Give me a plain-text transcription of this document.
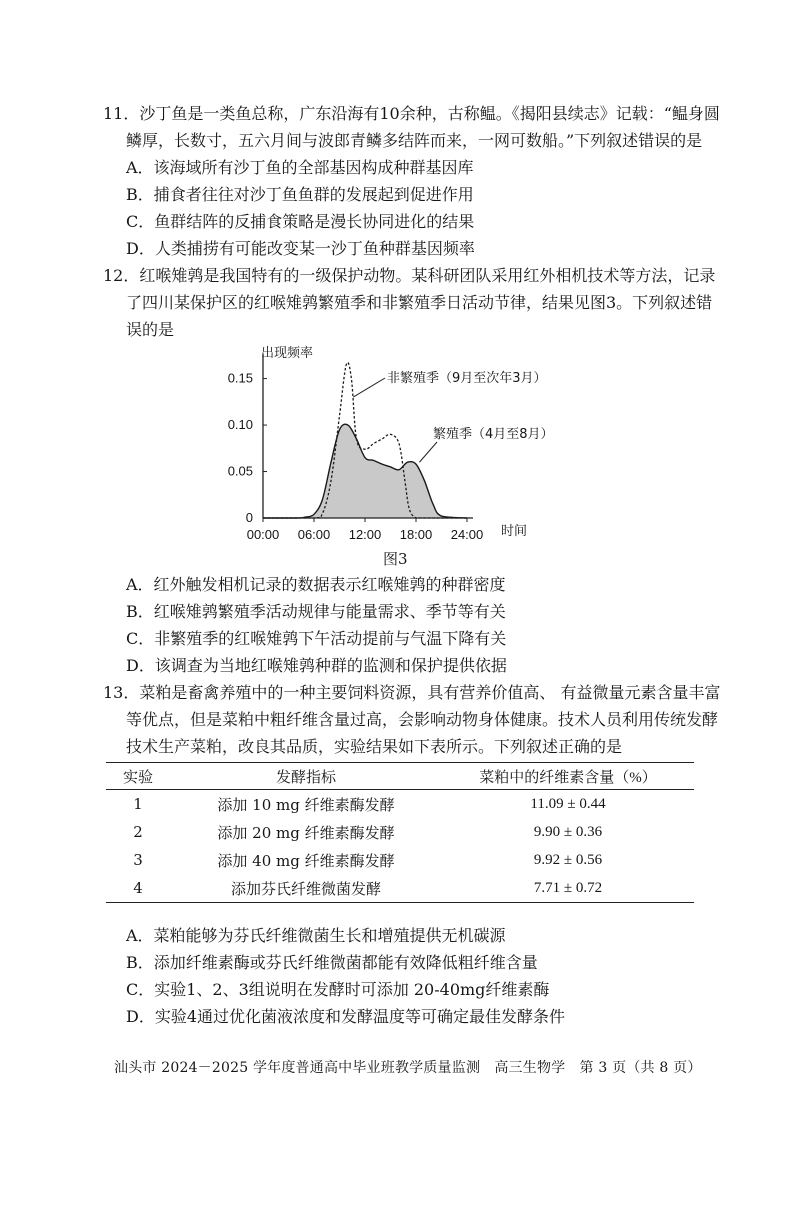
11．沙丁鱼是一类鱼总称，广东沿海有10余种，古称鳁。《揭阳县续志》记载：“鳁身圆
鳞厚，长数寸，五六月间与波郎青鳞多结阵而来，一网可数船。”下列叙述错误的是
A．该海域所有沙丁鱼的全部基因构成种群基因库
B．捕食者往往对沙丁鱼鱼群的发展起到促进作用
C．鱼群结阵的反捕食策略是漫长协同进化的结果
D．人类捕捞有可能改变某一沙丁鱼种群基因频率
12．红喉雉鹑是我国特有的一级保护动物。某科研团队采用红外相机技术等方法，记录
了四川某保护区的红喉雉鹑繁殖季和非繁殖季日活动节律，结果见图3。下列叙述错
误的是
0
0.05
0.10
0.15
00:00 06:00 12:00 18:00 24:00
出现频率
时间
非繁殖季（9月至次年3月）
繁殖季（4月至8月）
图3
A．红外触发相机记录的数据表示红喉雉鹑的种群密度
B．红喉雉鹑繁殖季活动规律与能量需求、季节等有关
C．非繁殖季的红喉雉鹑下午活动提前与气温下降有关
D．该调查为当地红喉雉鹑种群的监测和保护提供依据
13．菜粕是畜禽养殖中的一种主要饲料资源，具有营养价值高、 有益微量元素含量丰富
等优点，但是菜粕中粗纤维含量过高，会影响动物身体健康。技术人员利用传统发酵
技术生产菜粕，改良其品质，实验结果如下表所示。下列叙述正确的是
实验	发酵指标	菜粕中的纤维素含量（%）
1	添加 10 mg 纤维素酶发酵	11.09 ± 0.44
2	添加 20 mg 纤维素酶发酵	9.90 ± 0.36
3	添加 40 mg 纤维素酶发酵	9.92 ± 0.56
4	添加芬氏纤维微菌发酵	7.71 ± 0.72
A．菜粕能够为芬氏纤维微菌生长和增殖提供无机碳源
B．添加纤维素酶或芬氏纤维微菌都能有效降低粗纤维含量
C．实验1、2、3组说明在发酵时可添加 20-40mg纤维素酶
D．实验4通过优化菌液浓度和发酵温度等可确定最佳发酵条件
汕头市 2024－2025 学年度普通高中毕业班教学质量监测　高三生物学　第 3 页（共 8 页）
